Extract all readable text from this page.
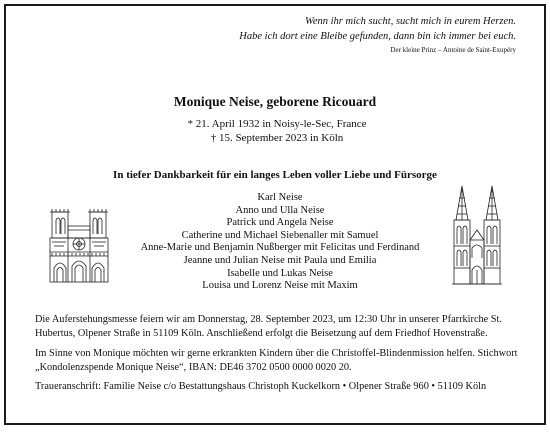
Wenn ihr mich sucht, sucht mich in eurem Herzen.
Habe ich dort eine Bleibe gefunden, dann bin ich immer bei euch.
Der kleine Prinz – Antoine de Saint-Exupéry
Monique Neise, geborene Ricouard
* 21. April 1932 in Noisy-le-Sec, France
† 15. September 2023 in Köln
In tiefer Dankbarkeit für ein langes Leben voller Liebe und Fürsorge
Karl Neise
Anno und Ulla Neise
Patrick und Angela Neise
Catherine und Michael Siebenaller mit Samuel
Anne-Marie und Benjamin Nußberger mit Felicitas und Ferdinand
Jeanne und Julian Neise mit Paula und Emilia
Isabelle und Lukas Neise
Louisa und Lorenz Neise mit Maxim
Die Auferstehungsmesse feiern wir am Donnerstag, 28. September 2023, um 12:30 Uhr in unserer Pfarrkirche St. Hubertus, Olpener Straße in 51109 Köln. Anschließend erfolgt die Beisetzung auf dem Friedhof Hovenstraße.
Im Sinne von Monique möchten wir gerne erkrankten Kindern über die Christoffel-Blindenmission helfen. Stichwort „Kondolenzspende Monique Neise“, IBAN: DE46 3702 0500 0000 0020 20.
Traueranschrift: Familie Neise c/o Bestattungshaus Christoph Kuckelkorn • Olpener Straße 960 • 51109 Köln
